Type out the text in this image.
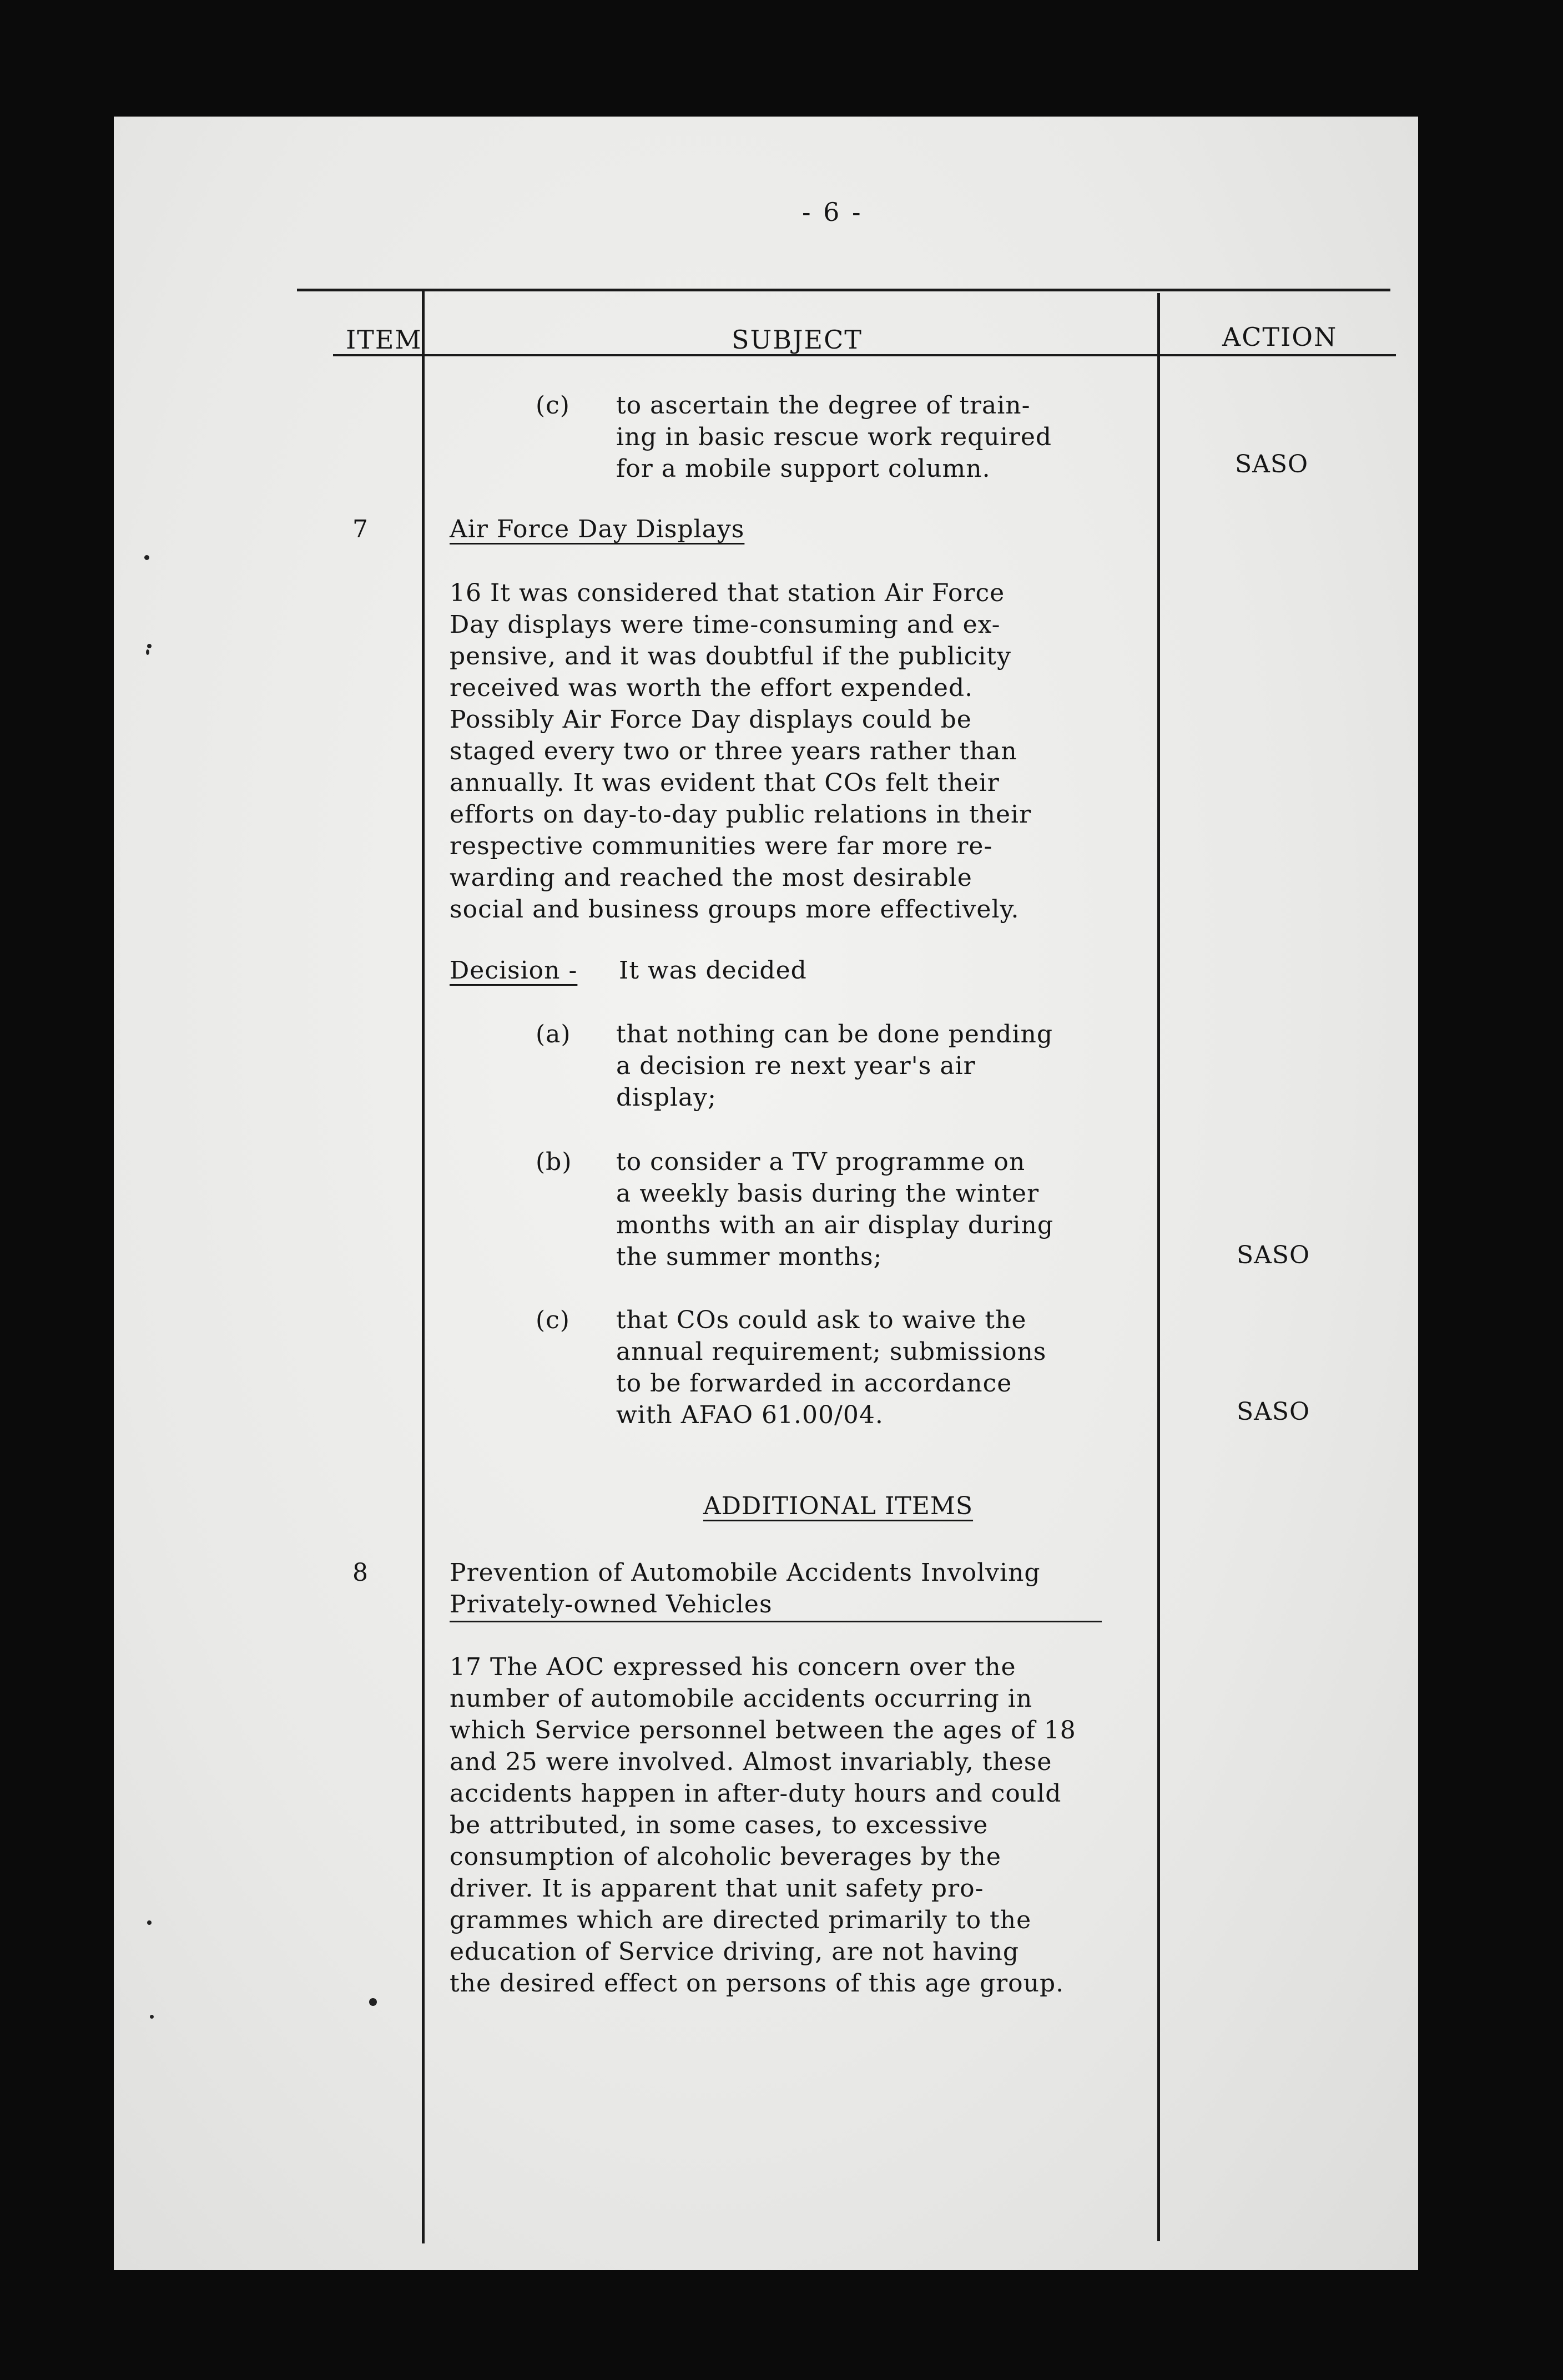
- 6 -
ITEM	SUBJECT	ACTION
(c) to ascertain the degree of train-
ing in basic rescue work required
for a mobile support column.	SASO
7	Air Force Day Displays
16 It was considered that station Air Force
Day displays were time-consuming and ex-
pensive, and it was doubtful if the publicity
received was worth the effort expended.
Possibly Air Force Day displays could be
staged every two or three years rather than
annually. It was evident that COs felt their
efforts on day-to-day public relations in their
respective communities were far more re-
warding and reached the most desirable
social and business groups more effectively.
Decision - It was decided
(a) that nothing can be done pending
a decision re next year's air
display;
(b) to consider a TV programme on
a weekly basis during the winter
months with an air display during
the summer months;	SASO
(c) that COs could ask to waive the
annual requirement; submissions
to be forwarded in accordance
with AFAO 61.00/04.	SASO
ADDITIONAL ITEMS
8	Prevention of Automobile Accidents Involving
Privately-owned Vehicles
17 The AOC expressed his concern over the
number of automobile accidents occurring in
which Service personnel between the ages of 18
and 25 were involved. Almost invariably, these
accidents happen in after-duty hours and could
be attributed, in some cases, to excessive
consumption of alcoholic beverages by the
driver. It is apparent that unit safety pro-
grammes which are directed primarily to the
education of Service driving, are not having
the desired effect on persons of this age group.
